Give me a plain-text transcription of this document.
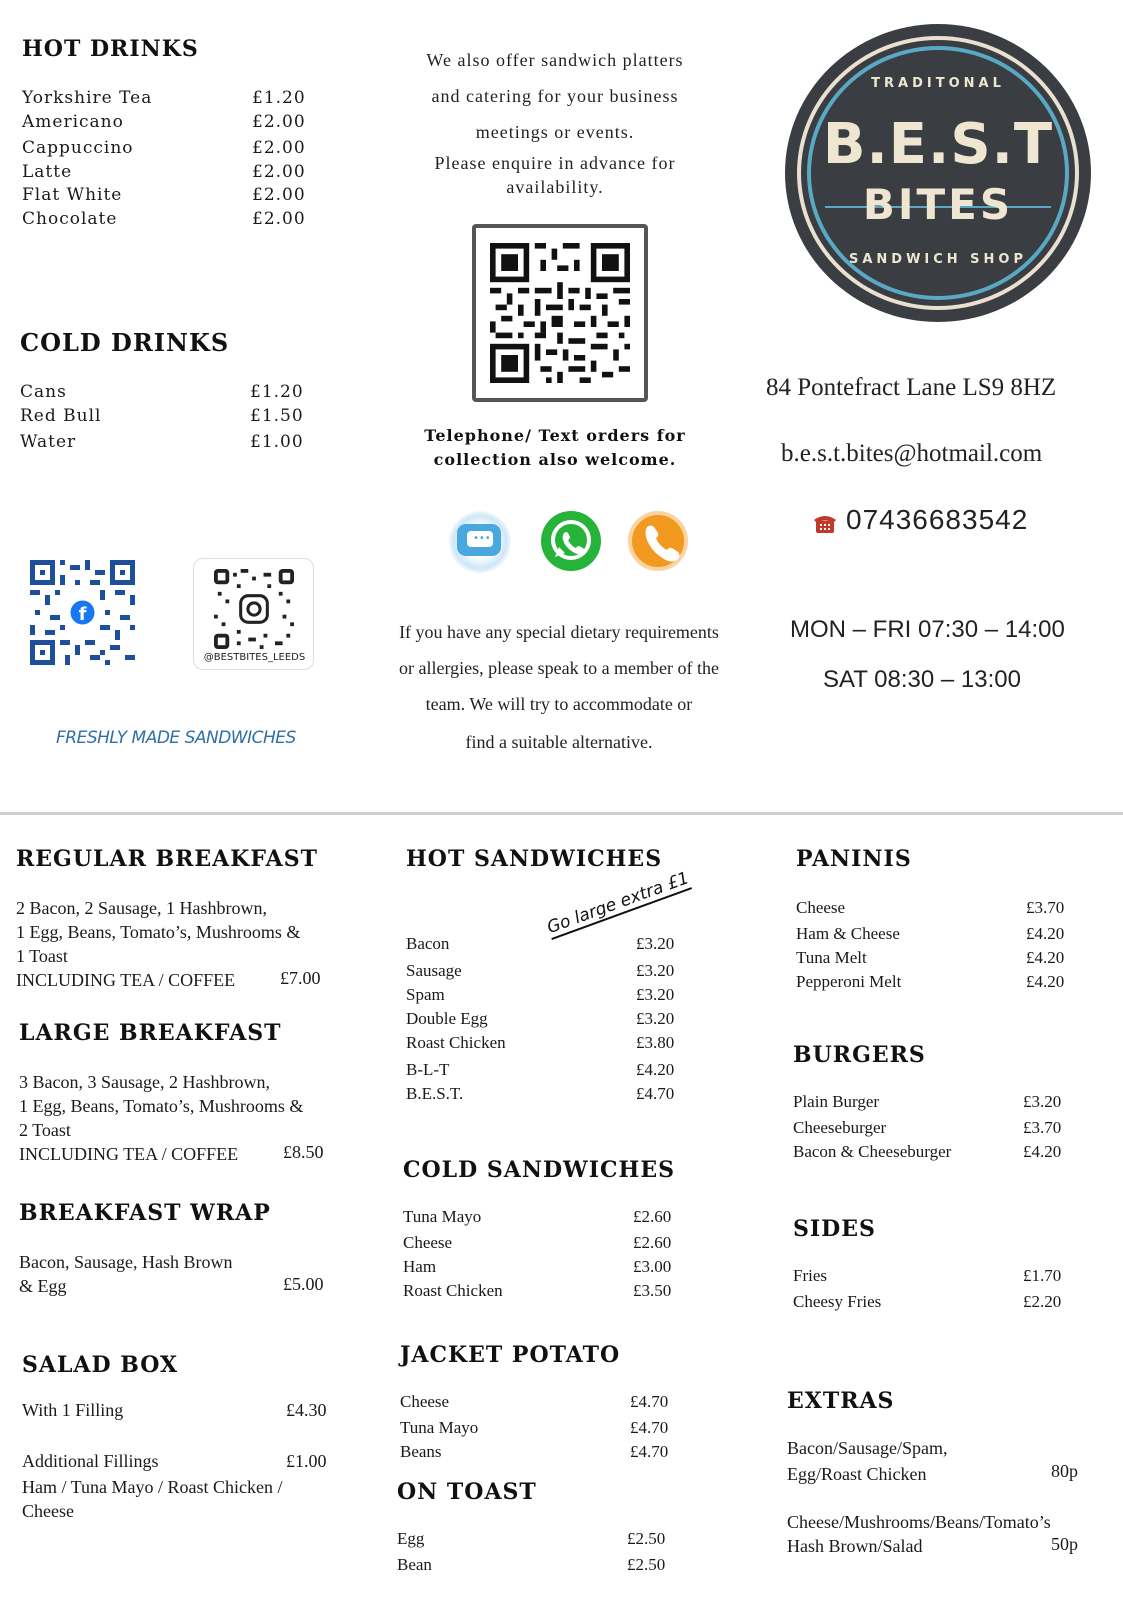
HOT DRINKS
Yorkshire Tea	£1.20
Americano	£2.00
Cappuccino	£2.00
Latte	£2.00
Flat White	£2.00
Chocolate	£2.00
COLD DRINKS
Cans	£1.20
Red Bull	£1.50
Water	£1.00
f
@BESTBITES_LEEDS
FRESHLY MADE SANDWICHES
We also offer sandwich platters
and catering for your business
meetings or events.
Please enquire in advance for
availability.
Telephone/ Text orders for
collection also welcome.
•••
If you have any special dietary requirements
or allergies, please speak to a member of the
team. We will try to accommodate or
find a suitable alternative.
TRADITONAL
B.E.S.T
BITES
SANDWICH SHOP
84 Pontefract Lane LS9 8HZ
b.e.s.t.bites@hotmail.com
07436683542
MON – FRI 07:30 – 14:00
SAT 08:30 – 13:00
REGULAR BREAKFAST
2 Bacon, 2 Sausage, 1 Hashbrown,
1 Egg, Beans, Tomato’s, Mushrooms &
1 Toast
INCLUDING TEA / COFFEE	£7.00
LARGE BREAKFAST
3 Bacon, 3 Sausage, 2 Hashbrown,
1 Egg, Beans, Tomato’s, Mushrooms &
2 Toast
INCLUDING TEA / COFFEE	£8.50
BREAKFAST WRAP
Bacon, Sausage, Hash Brown
& Egg	£5.00
SALAD BOX
With 1 Filling	£4.30
Additional Fillings	£1.00
Ham / Tuna Mayo / Roast Chicken /
Cheese
HOT SANDWICHES
Go large extra £1
Bacon	£3.20
Sausage	£3.20
Spam	£3.20
Double Egg	£3.20
Roast Chicken	£3.80
B-L-T	£4.20
B.E.S.T.	£4.70
COLD SANDWICHES
Tuna Mayo	£2.60
Cheese	£2.60
Ham	£3.00
Roast Chicken	£3.50
JACKET POTATO
Cheese	£4.70
Tuna Mayo	£4.70
Beans	£4.70
ON TOAST
Egg	£2.50
Bean	£2.50
PANINIS
Cheese	£3.70
Ham & Cheese	£4.20
Tuna Melt	£4.20
Pepperoni Melt	£4.20
BURGERS
Plain Burger	£3.20
Cheeseburger	£3.70
Bacon & Cheeseburger	£4.20
SIDES
Fries	£1.70
Cheesy Fries	£2.20
EXTRAS
Bacon/Sausage/Spam,
Egg/Roast Chicken	80p
Cheese/Mushrooms/Beans/Tomato’s
Hash Brown/Salad	50p
